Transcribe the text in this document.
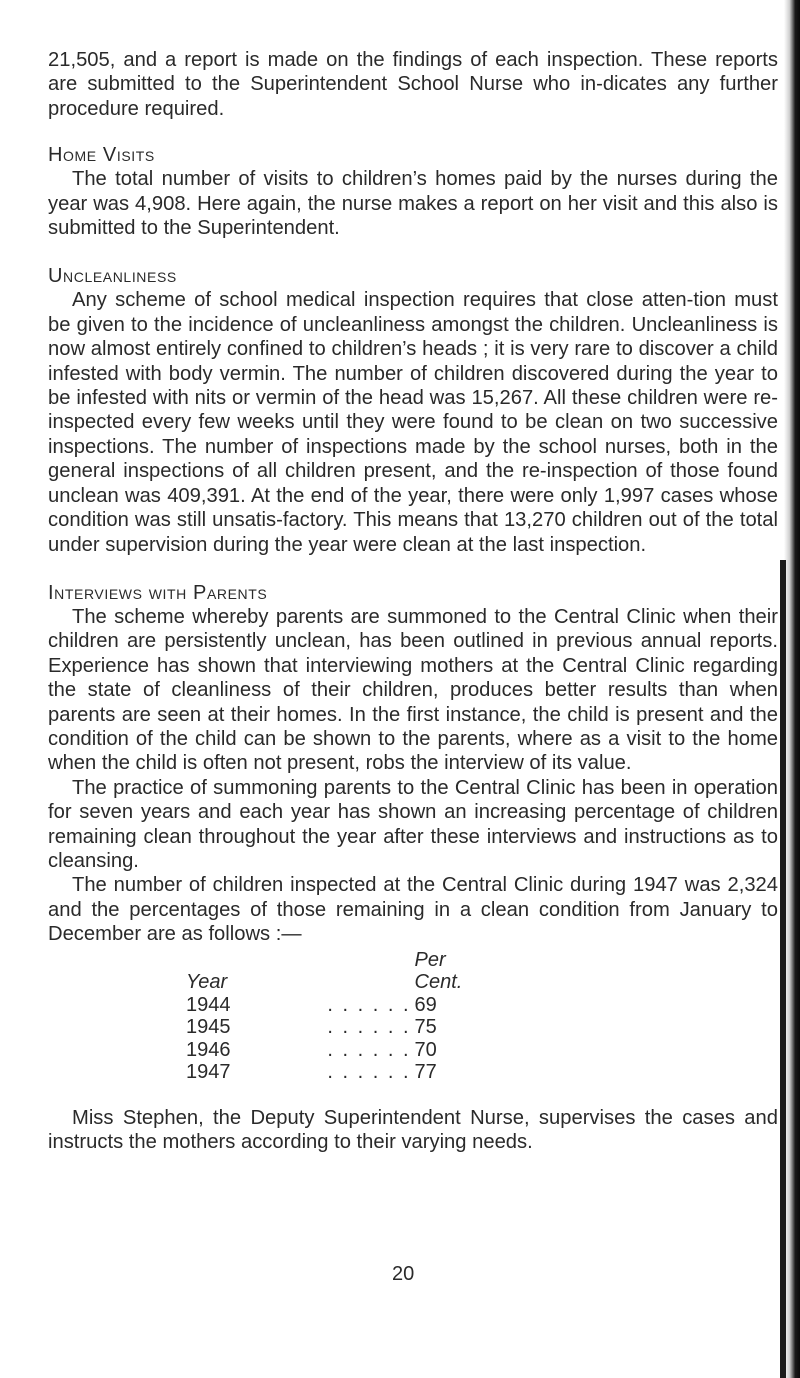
21,505, and a report is made on the findings of each inspection. These reports are submitted to the Superintendent School Nurse who in-dicates any further procedure required.

Home Visits

The total number of visits to children’s homes paid by the nurses during the year was 4,908. Here again, the nurse makes a report on her visit and this also is submitted to the Superintendent.

Uncleanliness

Any scheme of school medical inspection requires that close atten-tion must be given to the incidence of uncleanliness amongst the children. Uncleanliness is now almost entirely confined to children’s heads ; it is very rare to discover a child infested with body vermin. The number of children discovered during the year to be infested with nits or vermin of the head was 15,267. All these children were re-inspected every few weeks until they were found to be clean on two successive inspections. The number of inspections made by the school nurses, both in the general inspections of all children present, and the re-inspection of those found unclean was 409,391. At the end of the year, there were only 1,997 cases whose condition was still unsatis-factory. This means that 13,270 children out of the total under supervision during the year were clean at the last inspection.

Interviews with Parents

The scheme whereby parents are summoned to the Central Clinic when their children are persistently unclean, has been outlined in previous annual reports. Experience has shown that interviewing mothers at the Central Clinic regarding the state of cleanliness of their children, produces better results than when parents are seen at their homes. In the first instance, the child is present and the condition of the child can be shown to the parents, where as a visit to the home when the child is often not present, robs the interview of its value.

The practice of summoning parents to the Central Clinic has been in operation for seven years and each year has shown an increasing percentage of children remaining clean throughout the year after these interviews and instructions as to cleansing.

The number of children inspected at the Central Clinic during 1947 was 2,324 and the percentages of those remaining in a clean condition from January to December are as follows :—

		Per
Year		Cent.
1944	. . . . . .	69
1945	. . . . . .	75
1946	. . . . . .	70
1947	. . . . . .	77

Miss Stephen, the Deputy Superintendent Nurse, supervises the cases and instructs the mothers according to their varying needs.

20
